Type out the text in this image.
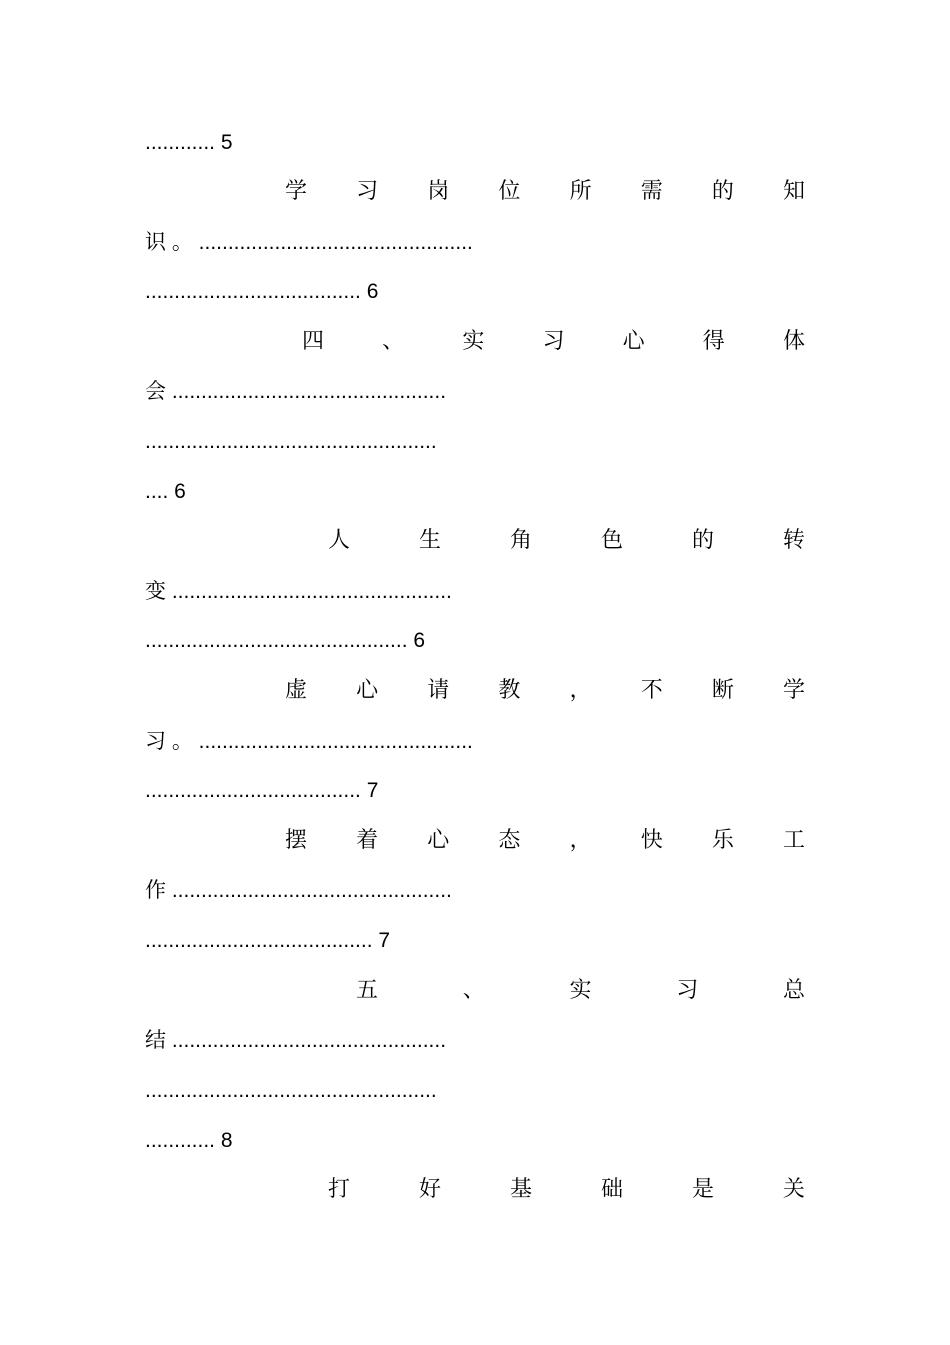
............ 5
学 习 岗 位 所 需 的 知
识 。 ...............................................
..................................... 6
四	、	实	习	心	得	体
会 ...............................................
..................................................
.... 6
人	生	角	色	的	转
变 ................................................
............................................. 6
虚 心 请 教 ， 不 断 学
习 。 ...............................................
..................................... 7
摆 着 心 态 ， 快 乐 工
作 ................................................
....................................... 7
五	、	实	习	总
结 ...............................................
..................................................
............ 8
打	好	基	础	是	关
